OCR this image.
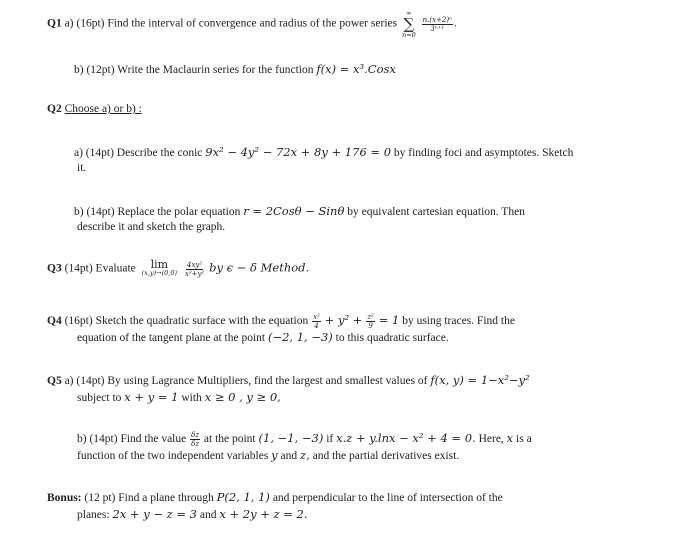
Q1 a) (16pt) Find the interval of convergence and radius of the power series
∞
∑
n=0

$\frac{\text{n.(x+2)ⁿ}}{\text{3ⁿ⁺¹}}$ .
b) (12pt) Write the Maclaurin series for the function f(x) = x³.Cosx
Q2 Choose a) or b) :
a) (14pt) Describe the conic 9x² − 4y² − 72x + 8y + 176 = 0 by finding foci and asymptotes. Sketch
it.
b) (14pt) Replace the polar equation r = 2Cosθ − Sinθ by equivalent cartesian equation. Then
describe it and sketch the graph.
Q3 (14pt) Evaluate lim
(x,y)→(0,0)
$\frac{\text{4xy²}}{\text{x²+y²}}$ by ϵ − δ Method.
Q4 (16pt) Sketch the quadratic surface with the equation $\frac{\text{x²}}{4} + y^2 + \frac{\text{z²}}{9} = 1$ by using traces. Find the
equation of the tangent plane at the point (−2, 1, −3) to this quadratic surface.
Q5 a) (14pt) By using Lagrance Multipliers, find the largest and smallest values of f(x, y) = 1−x²−y²
subject to x + y = 1 with x ≥ 0 , y ≥ 0,
b) (14pt) Find the value $\frac{\delta z}{\delta z}$ at the point (1, −1, −3) if x.z + y.lnx − x² + 4 = 0. Here, x is a
function of the two independent variables y and z, and the partial derivatives exist.
Bonus: (12 pt) Find a plane through P(2, 1, 1) and perpendicular to the line of intersection of the
planes: 2x + y − z = 3 and x + 2y + z = 2.
